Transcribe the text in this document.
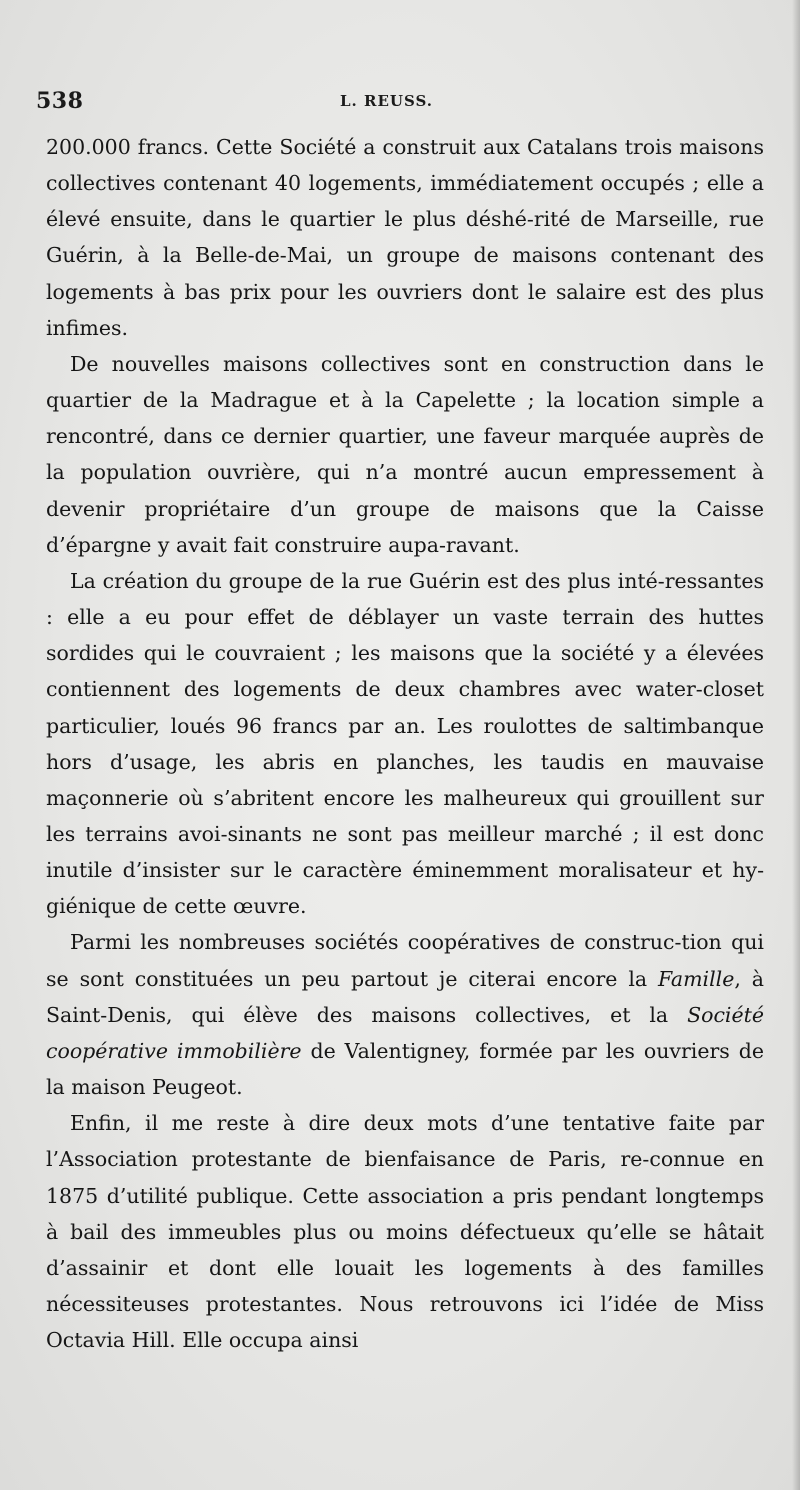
538	L. REUSS.

200.000 francs. Cette Société a construit aux Catalans trois maisons collectives contenant 40 logements, immédiatement occupés ; elle a élevé ensuite, dans le quartier le plus déshé-rité de Marseille, rue Guérin, à la Belle-de-Mai, un groupe de maisons contenant des logements à bas prix pour les ouvriers dont le salaire est des plus infimes.

De nouvelles maisons collectives sont en construction dans le quartier de la Madrague et à la Capelette ; la location simple a rencontré, dans ce dernier quartier, une faveur marquée auprès de la population ouvrière, qui n’a montré aucun empressement à devenir propriétaire d’un groupe de maisons que la Caisse d’épargne y avait fait construire aupa-ravant.

La création du groupe de la rue Guérin est des plus inté-ressantes : elle a eu pour effet de déblayer un vaste terrain des huttes sordides qui le couvraient ; les maisons que la société y a élevées contiennent des logements de deux chambres avec water-closet particulier, loués 96 francs par an. Les roulottes de saltimbanque hors d’usage, les abris en planches, les taudis en mauvaise maçonnerie où s’abritent encore les malheureux qui grouillent sur les terrains avoi-sinants ne sont pas meilleur marché ; il est donc inutile d’insister sur le caractère éminemment moralisateur et hy-giénique de cette œuvre.

Parmi les nombreuses sociétés coopératives de construc-tion qui se sont constituées un peu partout je citerai encore la Famille, à Saint-Denis, qui élève des maisons collectives, et la Société coopérative immobilière de Valentigney, formée par les ouvriers de la maison Peugeot.

Enfin, il me reste à dire deux mots d’une tentative faite par l’Association protestante de bienfaisance de Paris, re-connue en 1875 d’utilité publique. Cette association a pris pendant longtemps à bail des immeubles plus ou moins défectueux qu’elle se hâtait d’assainir et dont elle louait les logements à des familles nécessiteuses protestantes. Nous retrouvons ici l’idée de Miss Octavia Hill. Elle occupa ainsi
